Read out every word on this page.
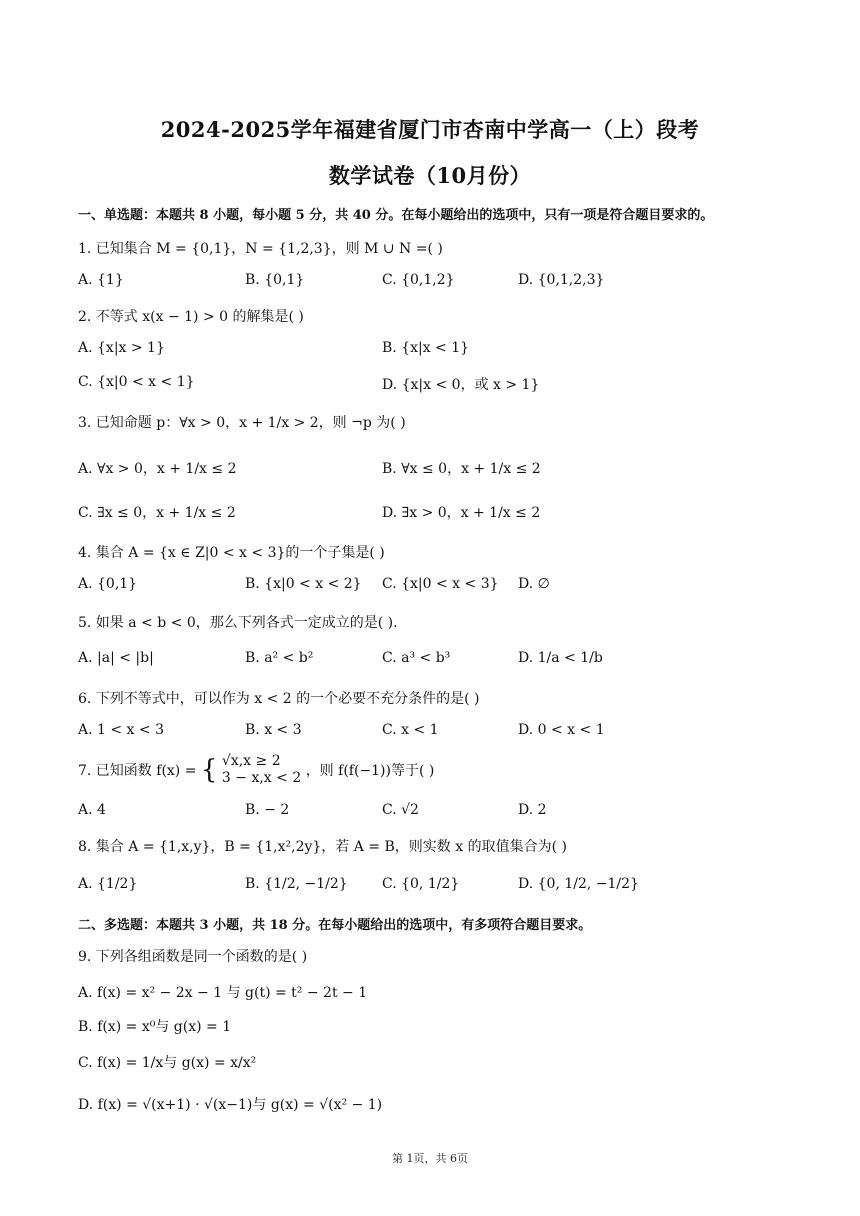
2024-2025学年福建省厦门市杏南中学高一（上）段考
数学试卷（10月份）
一、单选题：本题共 8 小题，每小题 5 分，共 40 分。在每小题给出的选项中，只有一项是符合题目要求的。
1. 已知集合 M = {0,1}，N = {1,2,3}，则 M ∪ N =( )
A. {1}	B. {0,1}	C. {0,1,2}	D. {0,1,2,3}
2. 不等式 x(x − 1) > 0 的解集是( )
A. {x|x > 1}	B. {x|x < 1}
C. {x|0 < x < 1}	D. {x|x < 0，或 x > 1}
3. 已知命题 p：∀x > 0，x + 1/x > 2，则 ¬p 为( )
A. ∀x > 0，x + 1/x ≤ 2	B. ∀x ≤ 0，x + 1/x ≤ 2
C. ∃x ≤ 0，x + 1/x ≤ 2	D. ∃x > 0，x + 1/x ≤ 2
4. 集合 A = {x ∈ Z|0 < x < 3}的一个子集是( )
A. {0,1}	B. {x|0 < x < 2} C. {x|0 < x < 3} D. ∅
5. 如果 a < b < 0，那么下列各式一定成立的是( ).
A. |a| < |b|	B. a² < b²	C. a³ < b³	D. 1/a < 1/b
6. 下列不等式中，可以作为 x < 2 的一个必要不充分条件的是( )
A. 1 < x < 3	B. x < 3	C. x < 1	D. 0 < x < 1
7. 已知函数 f(x) = { √x,x ≥ 2
3 − x,x < 2 ，则 f(f(−1))等于( )
A. 4	B. − 2	C. √2	D. 2
8. 集合 A = {1,x,y}，B = {1,x²,2y}，若 A = B，则实数 x 的取值集合为( )
A. {1/2}	B. {1/2, −1/2} C. {0, 1/2}	D. {0, 1/2, −1/2}
二、多选题：本题共 3 小题，共 18 分。在每小题给出的选项中，有多项符合题目要求。
9. 下列各组函数是同一个函数的是( )
A. f(x) = x² − 2x − 1 与 g(t) = t² − 2t − 1
B. f(x) = x⁰与 g(x) = 1
C. f(x) = 1/x与 g(x) = x/x²
D. f(x) = √(x+1) · √(x−1)与 g(x) = √(x² − 1)
第 1页，共 6页
